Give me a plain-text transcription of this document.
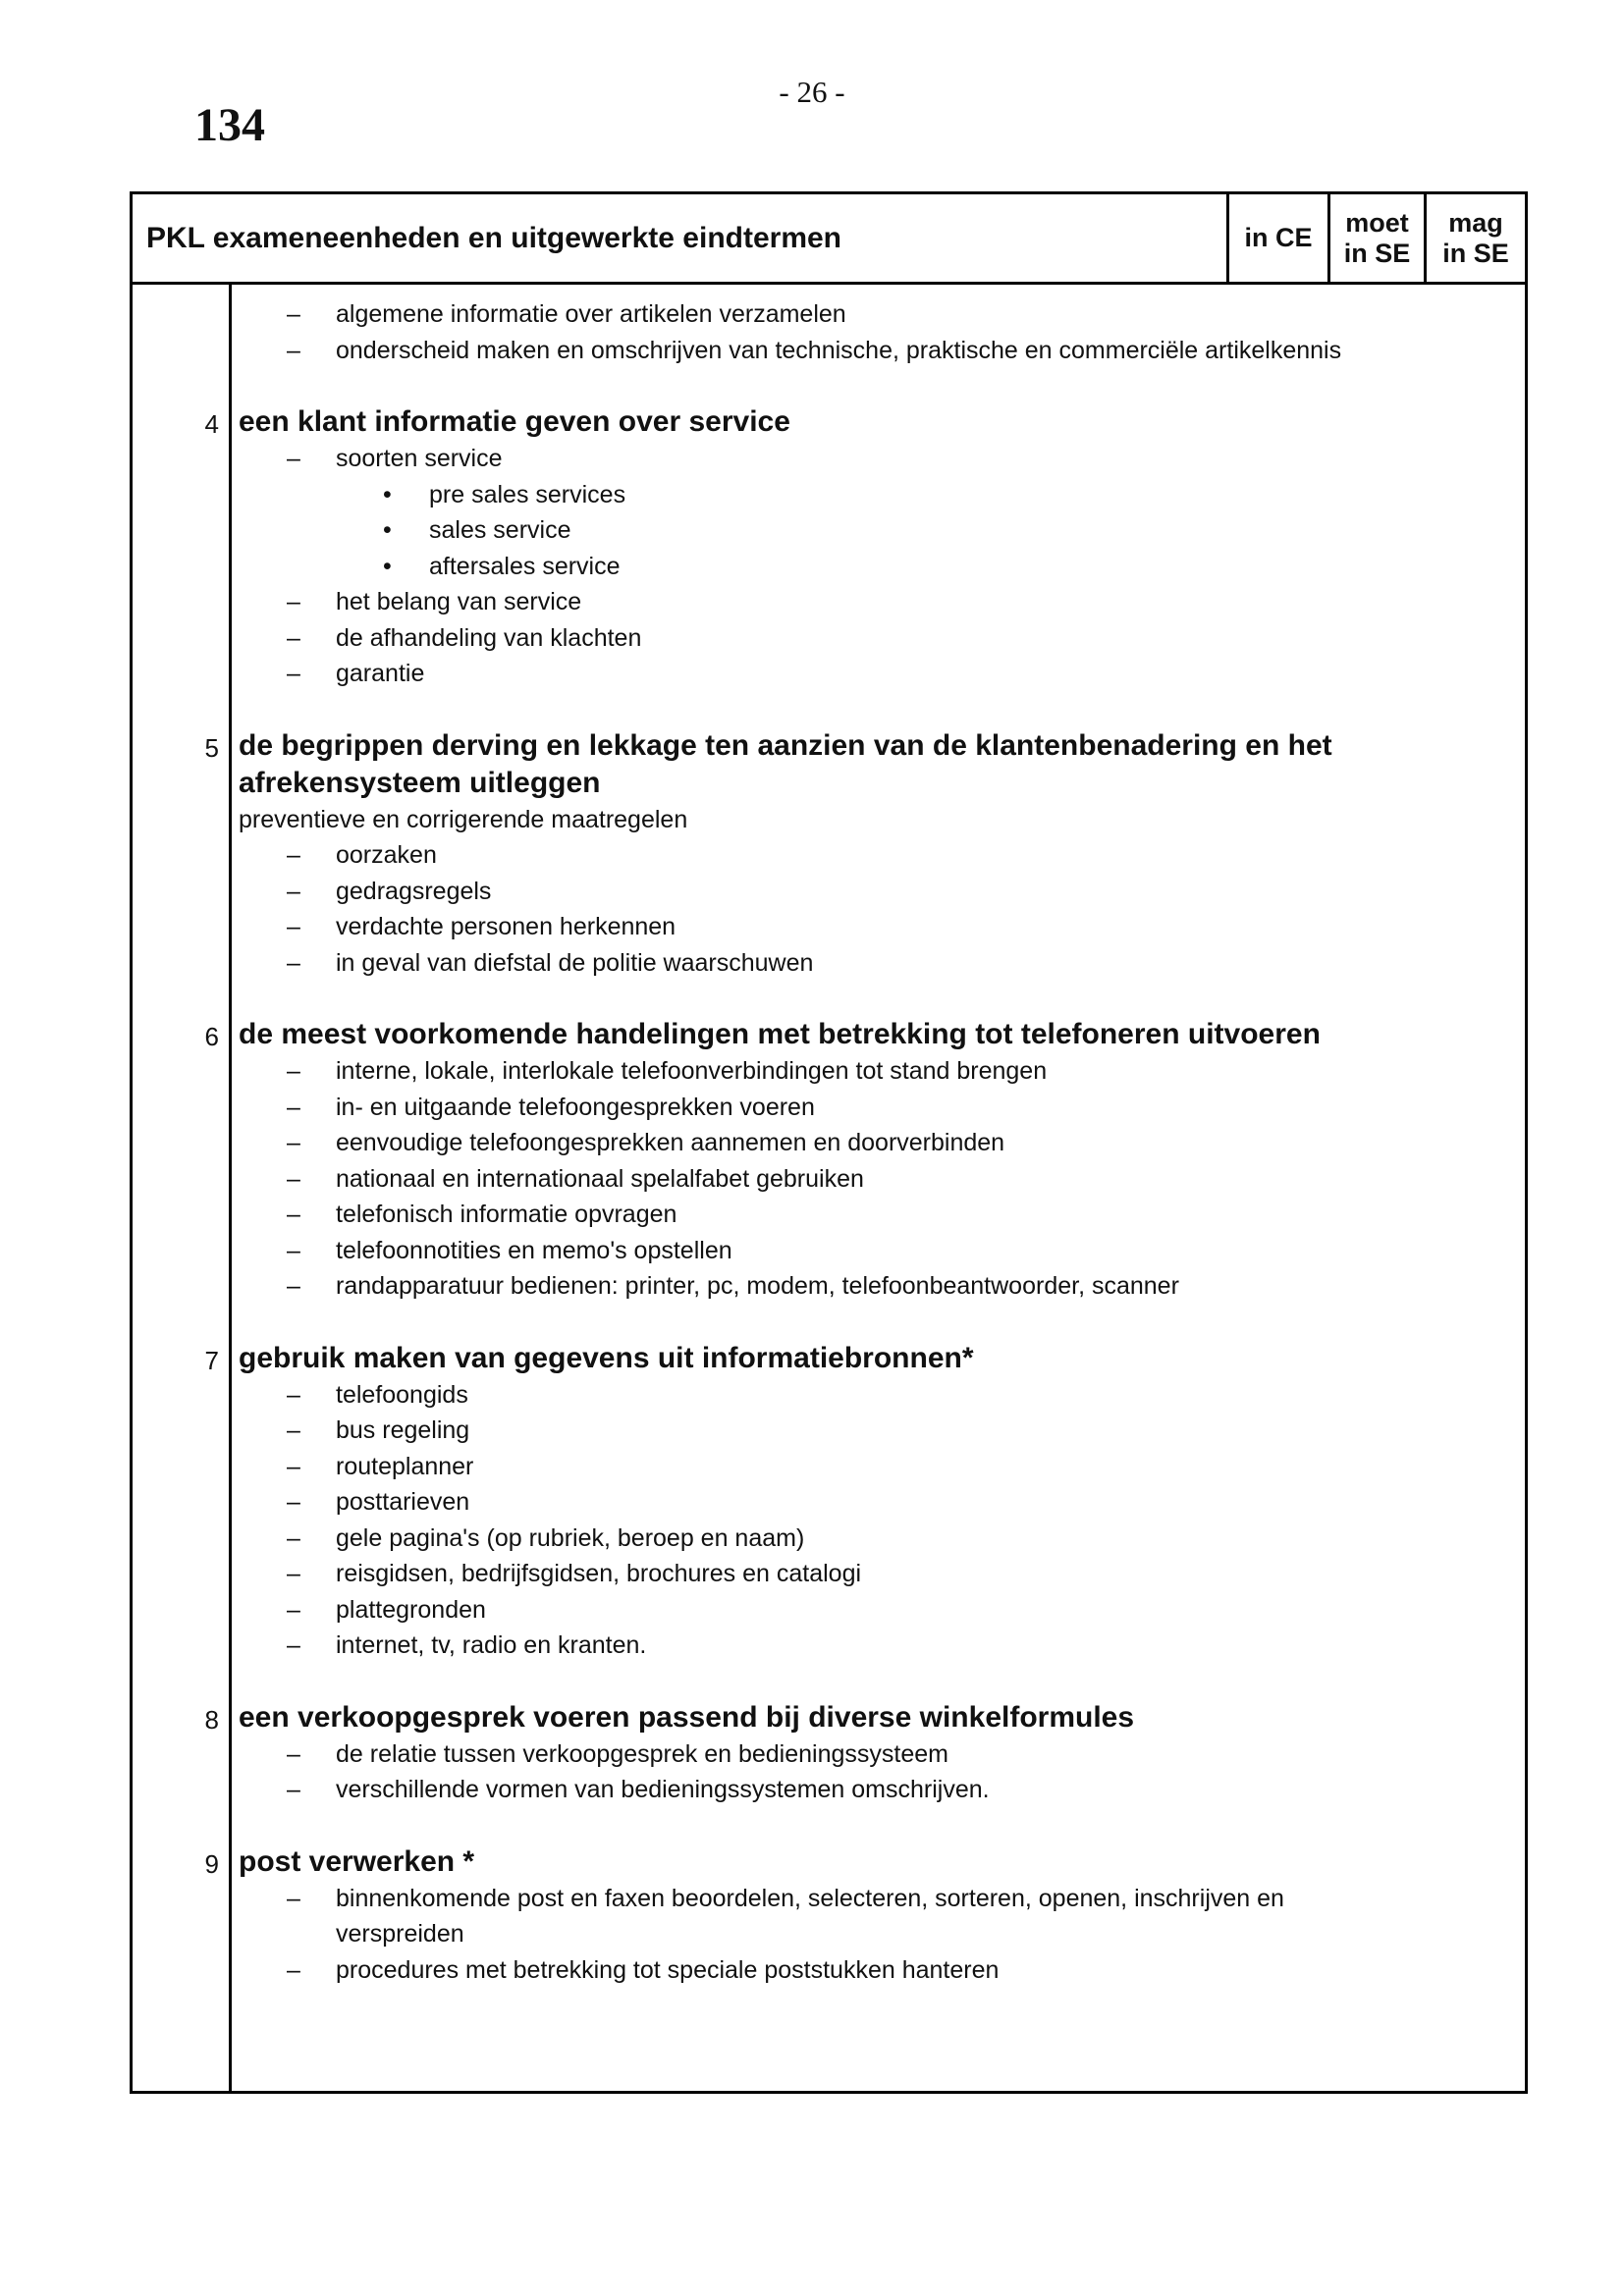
134
- 26 -
PKL exameneenheden en uitgewerkte eindtermen	in CE
moet
in SE
mag
in SE
– algemene informatie over artikelen verzamelen
– onderscheid maken en omschrijven van technische, praktische en commerciële artikelkennis
4 een klant informatie geven over service
– soorten service
• pre sales services
• sales service
• aftersales service
– het belang van service
– de afhandeling van klachten
– garantie
5 de begrippen derving en lekkage ten aanzien van de klantenbenadering en het afrekensysteem uitleggen
preventieve en corrigerende maatregelen
– oorzaken
– gedragsregels
– verdachte personen herkennen
– in geval van diefstal de politie waarschuwen
6 de meest voorkomende handelingen met betrekking tot telefoneren uitvoeren
– interne, lokale, interlokale telefoonverbindingen tot stand brengen
– in- en uitgaande telefoongesprekken voeren
– eenvoudige telefoongesprekken aannemen en doorverbinden
– nationaal en internationaal spelalfabet gebruiken
– telefonisch informatie opvragen
– telefoonnotities en memo's opstellen
– randapparatuur bedienen: printer, pc, modem, telefoonbeantwoorder, scanner
7 gebruik maken van gegevens uit informatiebronnen*
– telefoongids
– bus regeling
– routeplanner
– posttarieven
– gele pagina's (op rubriek, beroep en naam)
– reisgidsen, bedrijfsgidsen, brochures en catalogi
– plattegronden
– internet, tv, radio en kranten.
8 een verkoopgesprek voeren passend bij diverse winkelformules
– de relatie tussen verkoopgesprek en bedieningssysteem
– verschillende vormen van bedieningssystemen omschrijven.
9 post verwerken *
– binnenkomende post en faxen beoordelen, selecteren, sorteren, openen, inschrijven en verspreiden
– procedures met betrekking tot speciale poststukken hanteren
